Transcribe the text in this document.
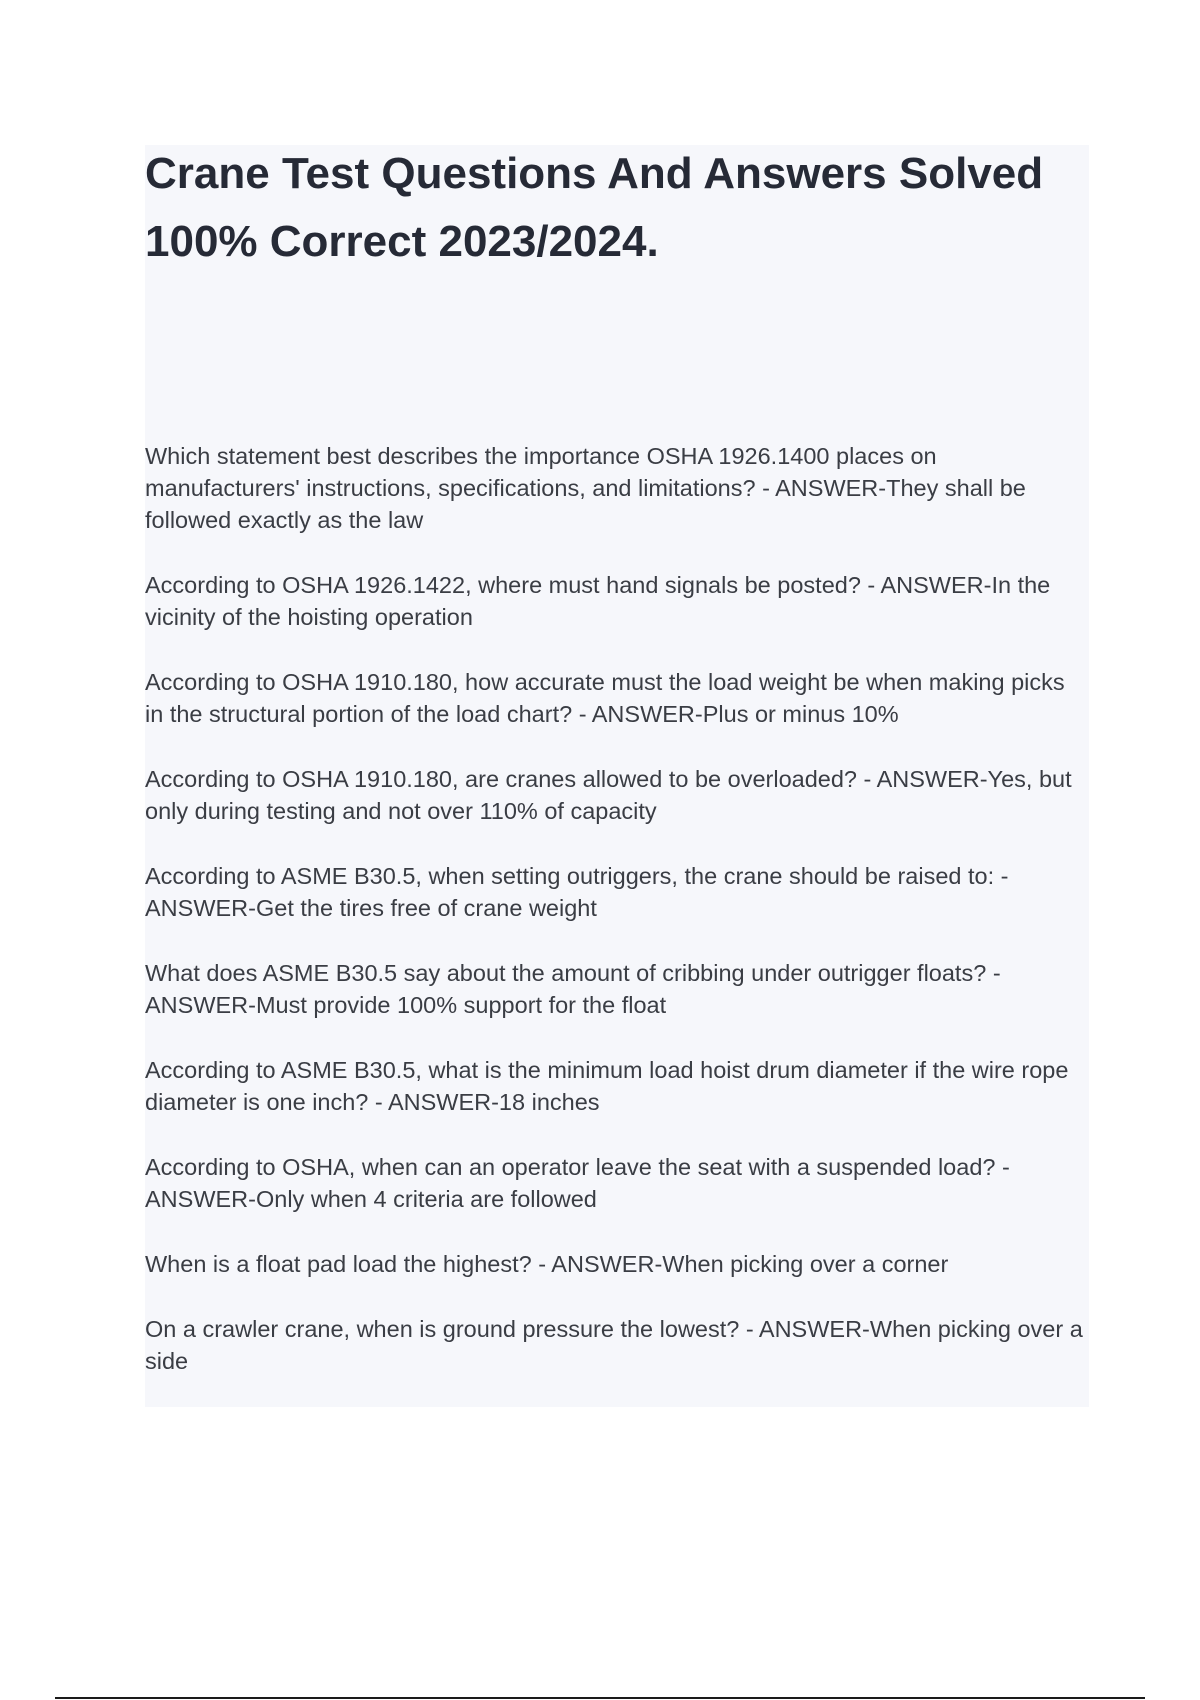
Crane Test Questions And Answers Solved 100% Correct 2023/2024.
Which statement best describes the importance OSHA 1926.1400 places on manufacturers' instructions, specifications, and limitations? - ANSWER-They shall be followed exactly as the law
According to OSHA 1926.1422, where must hand signals be posted? - ANSWER-In the vicinity of the hoisting operation
According to OSHA 1910.180, how accurate must the load weight be when making picks in the structural portion of the load chart? - ANSWER-Plus or minus 10%
According to OSHA 1910.180, are cranes allowed to be overloaded? - ANSWER-Yes, but only during testing and not over 110% of capacity
According to ASME B30.5, when setting outriggers, the crane should be raised to: - ANSWER-Get the tires free of crane weight
What does ASME B30.5 say about the amount of cribbing under outrigger floats? - ANSWER-Must provide 100% support for the float
According to ASME B30.5, what is the minimum load hoist drum diameter if the wire rope diameter is one inch? - ANSWER-18 inches
According to OSHA, when can an operator leave the seat with a suspended load? - ANSWER-Only when 4 criteria are followed
When is a float pad load the highest? - ANSWER-When picking over a corner
On a crawler crane, when is ground pressure the lowest? - ANSWER-When picking over a side
